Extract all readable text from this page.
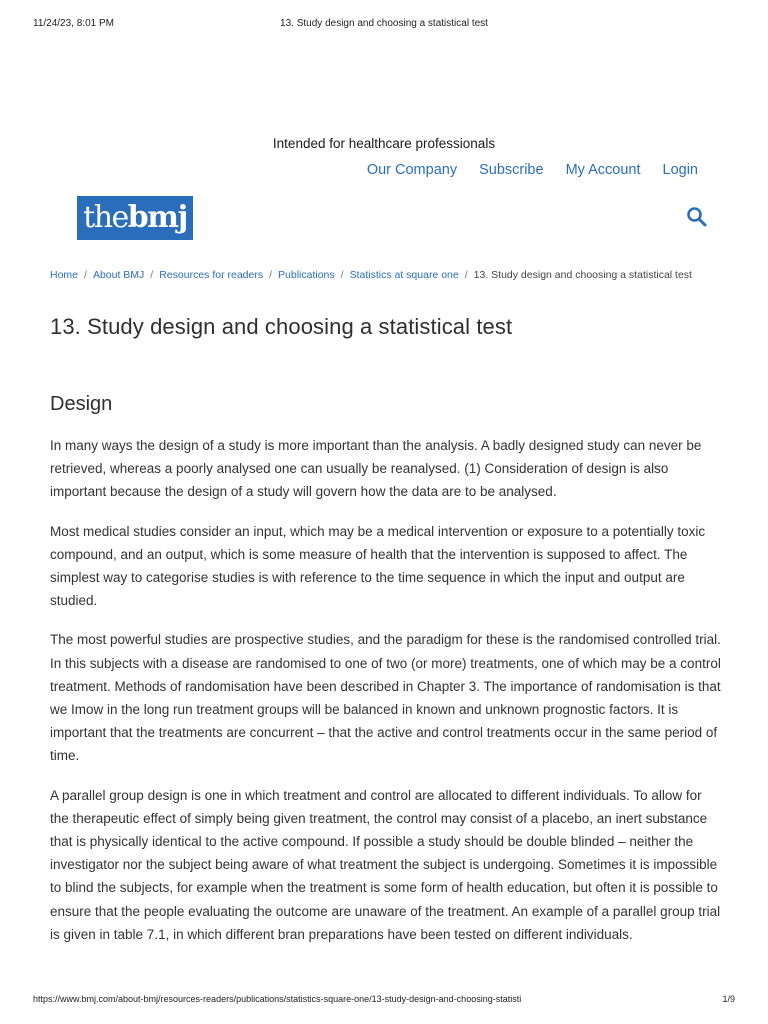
11/24/23, 8:01 PM	13. Study design and choosing a statistical test
Intended for healthcare professionals
Our Company Subscribe My Account Login
the bmj
Home / About BMJ / Resources for readers / Publications / Statistics at square one / 13. Study design and choosing a statistical test
13. Study design and choosing a statistical test
Design

In many ways the design of a study is more important than the analysis. A badly designed study can never be retrieved, whereas a poorly analysed one can usually be reanalysed. (1) Consideration of design is also important because the design of a study will govern how the data are to be analysed.

Most medical studies consider an input, which may be a medical intervention or exposure to a potentially toxic compound, and an output, which is some measure of health that the intervention is supposed to affect. The simplest way to categorise studies is with reference to the time sequence in which the input and output are studied.

The most powerful studies are prospective studies, and the paradigm for these is the randomised controlled trial. In this subjects with a disease are randomised to one of two (or more) treatments, one of which may be a control treatment. Methods of randomisation have been described in Chapter 3. The importance of randomisation is that we Imow in the long run treatment groups will be balanced in known and unknown prognostic factors. It is important that the treatments are concurrent – that the active and control treatments occur in the same period of time.

A parallel group design is one in which treatment and control are allocated to different individuals. To allow for the therapeutic effect of simply being given treatment, the control may consist of a placebo, an inert substance that is physically identical to the active compound. If possible a study should be double blinded – neither the investigator nor the subject being aware of what treatment the subject is undergoing. Sometimes it is impossible to blind the subjects, for example when the treatment is some form of health education, but often it is possible to ensure that the people evaluating the outcome are unaware of the treatment. An example of a parallel group trial is given in table 7.1, in which different bran preparations have been tested on different individuals.

https://www.bmj.com/about-bmj/resources-readers/publications/statistics-square-one/13-study-design-and-choosing-statisti	1/9
